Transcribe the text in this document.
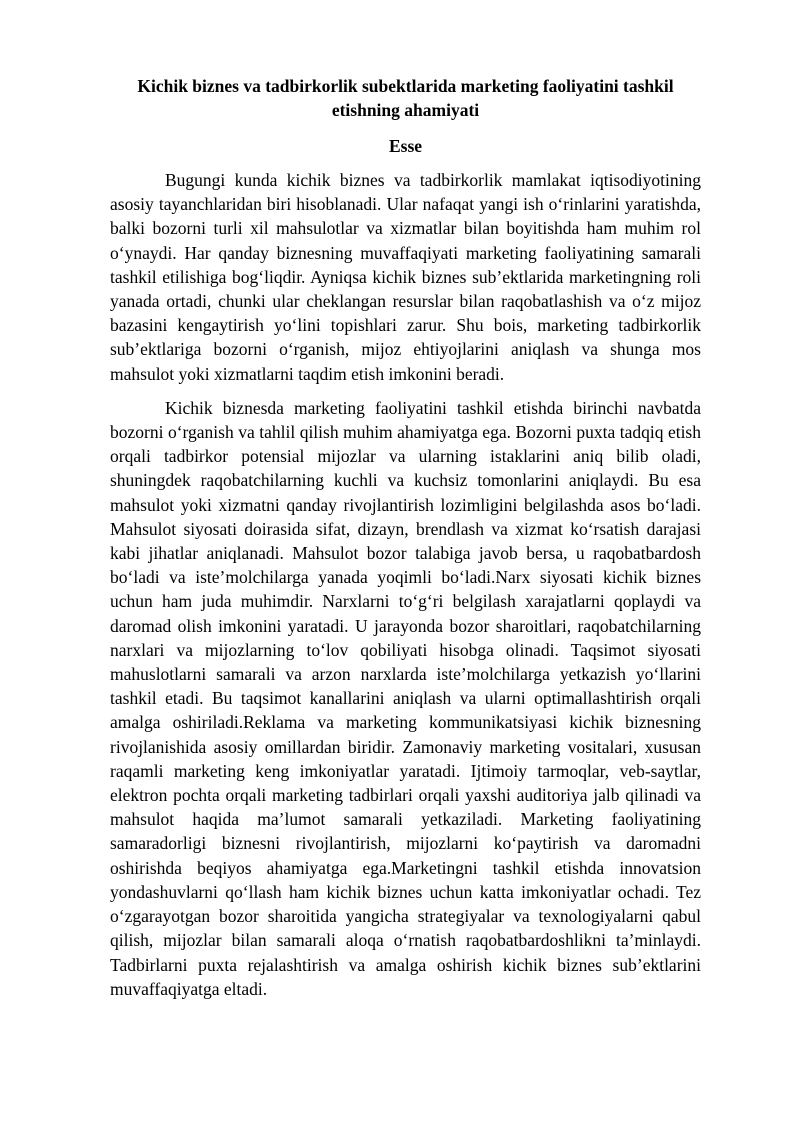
Kichik biznes va tadbirkorlik subektlarida marketing faoliyatini tashkil etishning ahamiyati
Esse

Bugungi kunda kichik biznes va tadbirkorlik mamlakat iqtisodiyotining asosiy tayanchlaridan biri hisoblanadi. Ular nafaqat yangi ish o‘rinlarini yaratishda, balki bozorni turli xil mahsulotlar va xizmatlar bilan boyitishda ham muhim rol o‘ynaydi. Har qanday biznesning muvaffaqiyati marketing faoliyatining samarali tashkil etilishiga bog‘liqdir. Ayniqsa kichik biznes sub’ektlarida marketingning roli yanada ortadi, chunki ular cheklangan resurslar bilan raqobatlashish va o‘z mijoz bazasini kengaytirish yo‘lini topishlari zarur. Shu bois, marketing tadbirkorlik sub’ektlariga bozorni o‘rganish, mijoz ehtiyojlarini aniqlash va shunga mos mahsulot yoki xizmatlarni taqdim etish imkonini beradi.

Kichik biznesda marketing faoliyatini tashkil etishda birinchi navbatda bozorni o‘rganish va tahlil qilish muhim ahamiyatga ega. Bozorni puxta tadqiq etish orqali tadbirkor potensial mijozlar va ularning istaklarini aniq bilib oladi, shuningdek raqobatchilarning kuchli va kuchsiz tomonlarini aniqlaydi. Bu esa mahsulot yoki xizmatni qanday rivojlantirish lozimligini belgilashda asos bo‘ladi. Mahsulot siyosati doirasida sifat, dizayn, brendlash va xizmat ko‘rsatish darajasi kabi jihatlar aniqlanadi. Mahsulot bozor talabiga javob bersa, u raqobatbardosh bo‘ladi va iste’molchilarga yanada yoqimli bo‘ladi.Narx siyosati kichik biznes uchun ham juda muhimdir. Narxlarni to‘g‘ri belgilash xarajatlarni qoplaydi va daromad olish imkonini yaratadi. U jarayonda bozor sharoitlari, raqobatchilarning narxlari va mijozlarning to‘lov qobiliyati hisobga olinadi. Taqsimot siyosati mahuslotlarni samarali va arzon narxlarda iste’molchilarga yetkazish yo‘llarini tashkil etadi. Bu taqsimot kanallarini aniqlash va ularni optimallashtirish orqali amalga oshiriladi.Reklama va marketing kommunikatsiyasi kichik biznesning rivojlanishida asosiy omillardan biridir. Zamonaviy marketing vositalari, xususan raqamli marketing keng imkoniyatlar yaratadi. Ijtimoiy tarmoqlar, veb-saytlar, elektron pochta orqali marketing tadbirlari orqali yaxshi auditoriya jalb qilinadi va mahsulot haqida ma’lumot samarali yetkaziladi. Marketing faoliyatining samaradorligi biznesni rivojlantirish, mijozlarni ko‘paytirish va daromadni oshirishda beqiyos ahamiyatga ega.Marketingni tashkil etishda innovatsion yondashuvlarni qo‘llash ham kichik biznes uchun katta imkoniyatlar ochadi. Tez o‘zgarayotgan bozor sharoitida yangicha strategiyalar va texnologiyalarni qabul qilish, mijozlar bilan samarali aloqa o‘rnatish raqobatbardoshlikni ta’minlaydi. Tadbirlarni puxta rejalashtirish va amalga oshirish kichik biznes sub’ektlarini muvaffaqiyatga eltadi.
